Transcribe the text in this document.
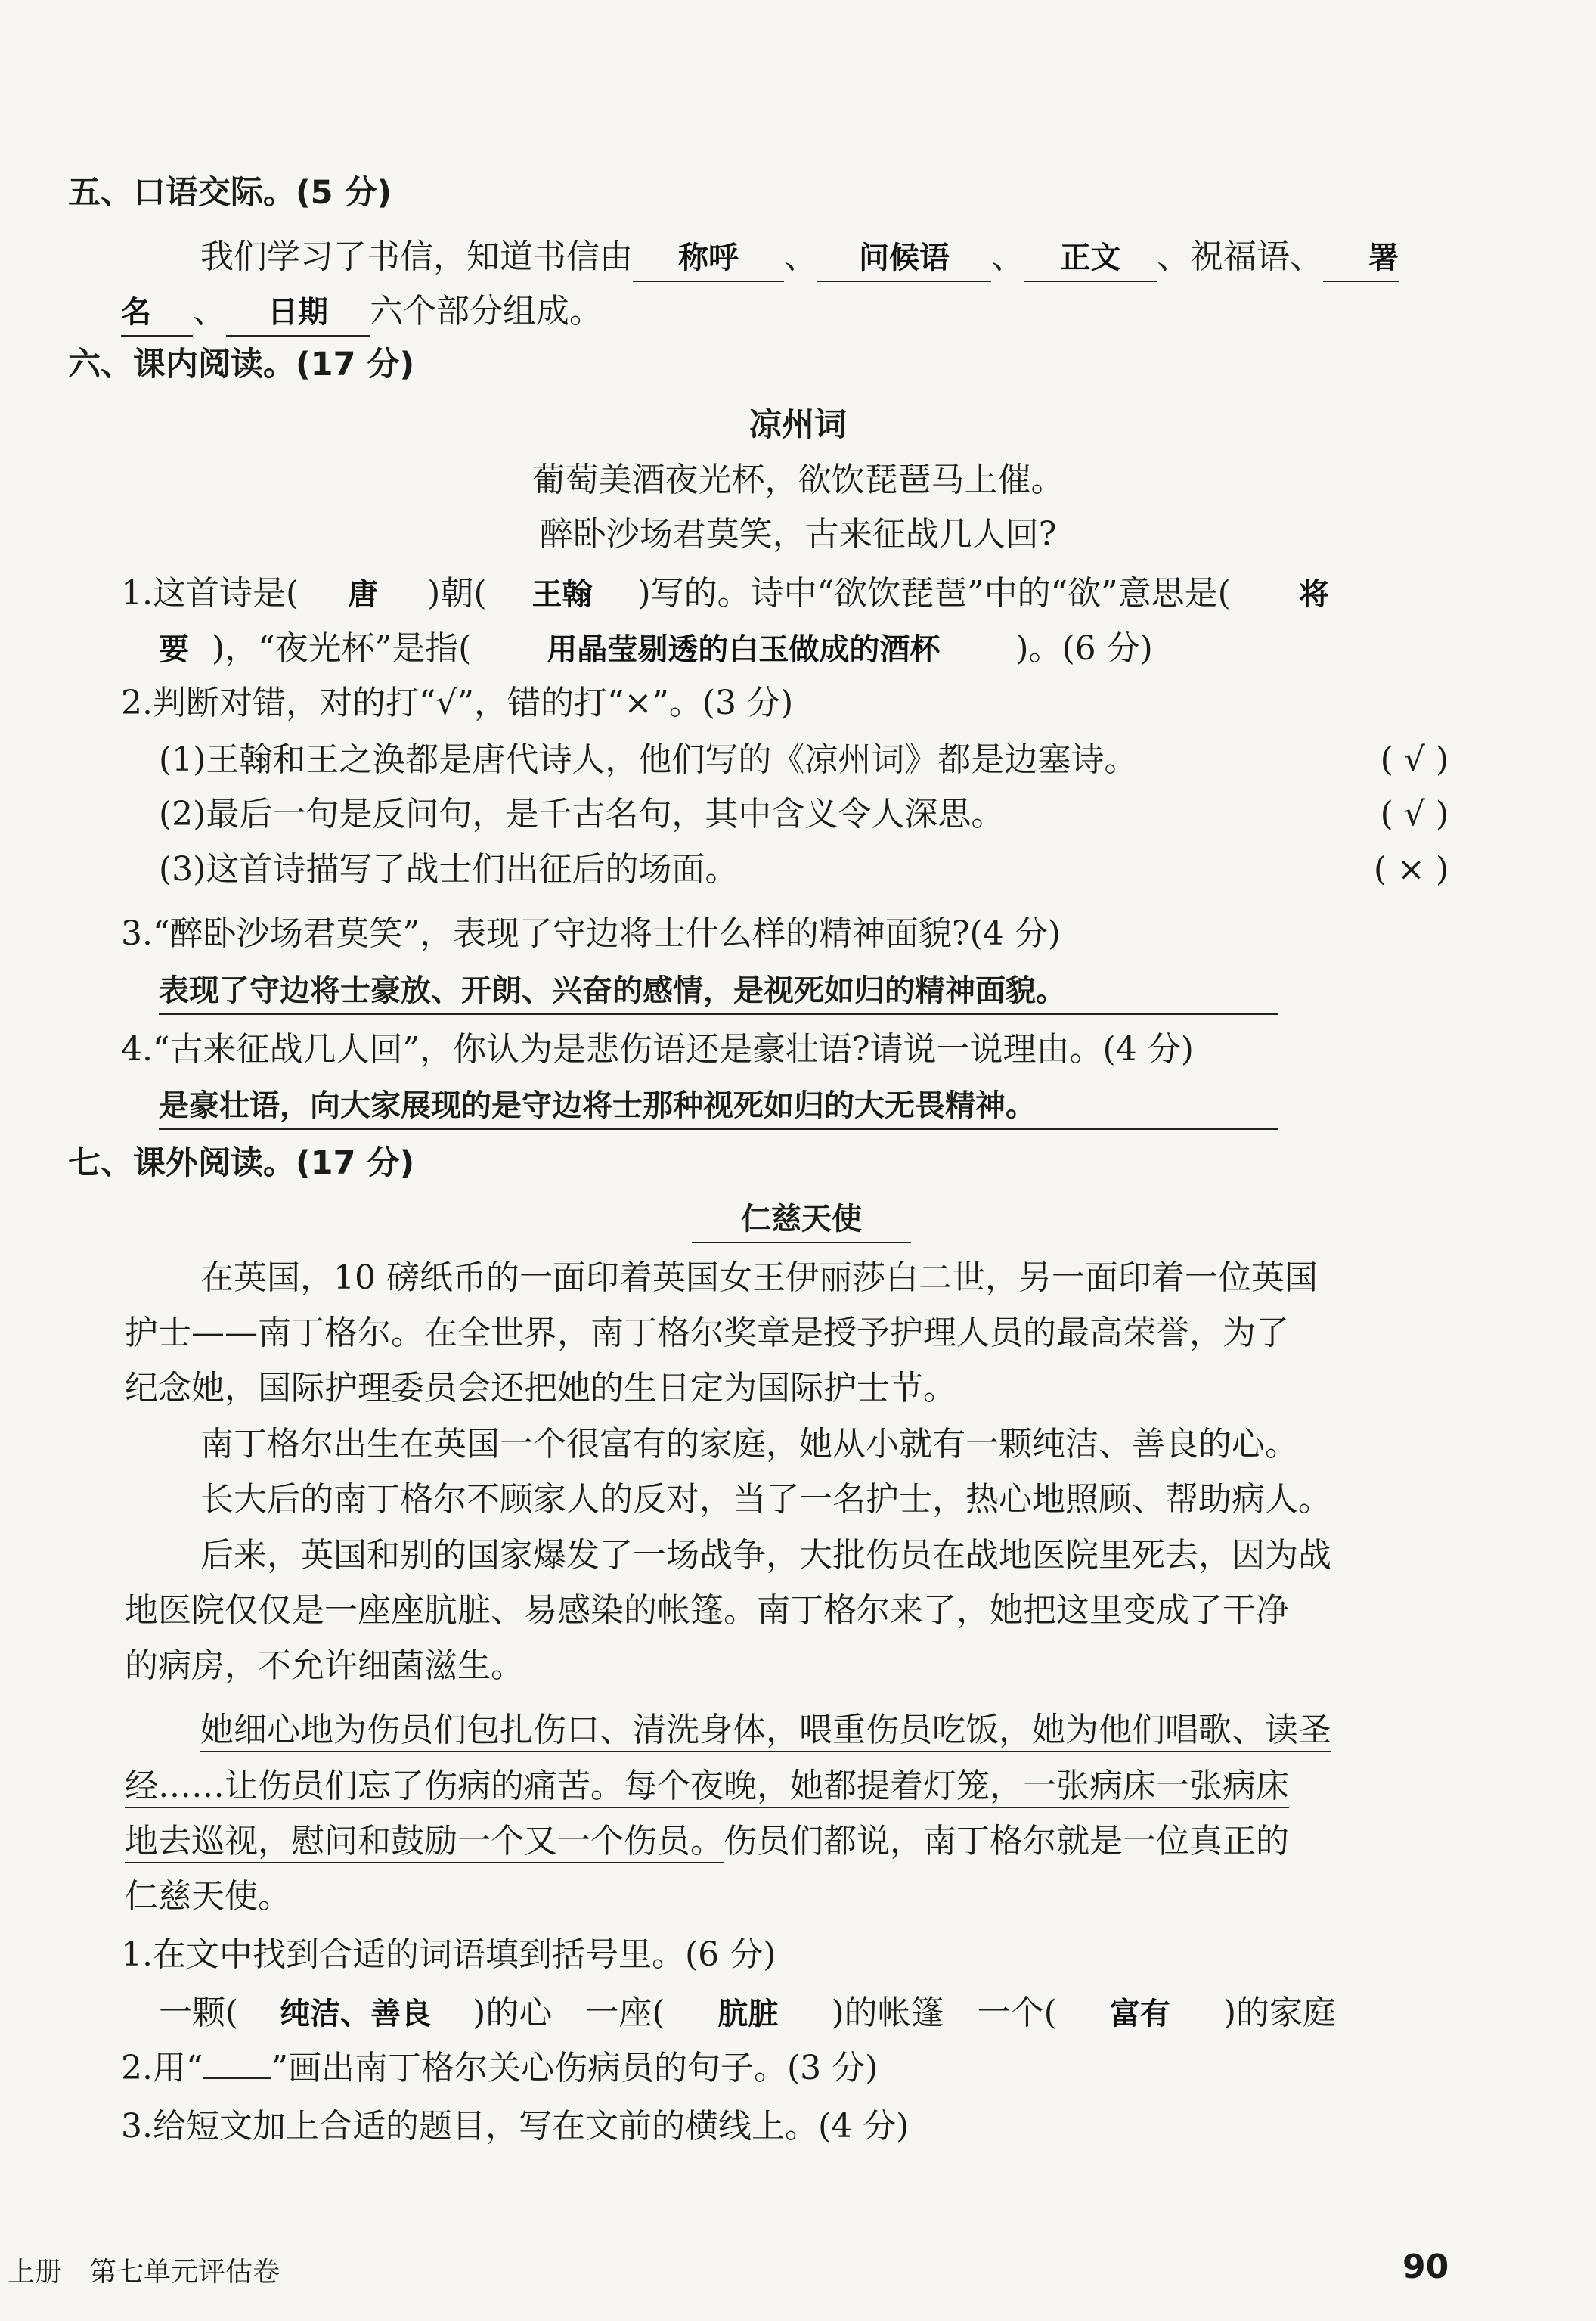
五、口语交际。(5 分)
我们学习了书信，知道书信由 称呼 、 问候语 、 正文 、祝福语、 署
名 、 日期 六个部分组成。
六、课内阅读。(17 分)
凉州词
葡萄美酒夜光杯，欲饮琵琶马上催。
醉卧沙场君莫笑，古来征战几人回?
1.这首诗是( 唐 )朝( 王翰 )写的。诗中“欲饮琵琶”中的“欲”意思是( 将
要 )，“夜光杯”是指(	用晶莹剔透的白玉做成的酒杯 )。(6 分)
2.判断对错，对的打“√”，错的打“×”。(3 分)
(1)王翰和王之涣都是唐代诗人，他们写的《凉州词》都是边塞诗。	( √ )
(2)最后一句是反问句，是千古名句，其中含义令人深思。	( √ )
(3)这首诗描写了战士们出征后的场面。	( × )
3.“醉卧沙场君莫笑”，表现了守边将士什么样的精神面貌?(4 分)
表现了守边将士豪放、开朗、兴奋的感情，是视死如归的精神面貌。
4.“古来征战几人回”，你认为是悲伤语还是豪壮语?请说一说理由。(4 分)
是豪壮语，向大家展现的是守边将士那种视死如归的大无畏精神。
七、课外阅读。(17 分)
仁慈天使
在英国，10 磅纸币的一面印着英国女王伊丽莎白二世，另一面印着一位英国
护士——南丁格尔。在全世界，南丁格尔奖章是授予护理人员的最高荣誉，为了
纪念她，国际护理委员会还把她的生日定为国际护士节。
南丁格尔出生在英国一个很富有的家庭，她从小就有一颗纯洁、善良的心。
长大后的南丁格尔不顾家人的反对，当了一名护士，热心地照顾、帮助病人。
后来，英国和别的国家爆发了一场战争，大批伤员在战地医院里死去，因为战
地医院仅仅是一座座肮脏、易感染的帐篷。南丁格尔来了，她把这里变成了干净
的病房，不允许细菌滋生。
她细心地为伤员们包扎伤口、清洗身体，喂重伤员吃饭，她为他们唱歌、读圣
经……让伤员们忘了伤病的痛苦。每个夜晚，她都提着灯笼，一张病床一张病床
地去巡视，慰问和鼓励一个又一个伤员。伤员们都说，南丁格尔就是一位真正的
仁慈天使。
1.在文中找到合适的词语填到括号里。(6 分)
一颗( 纯洁、善良 )的心　一座( 肮脏 )的帐篷　一个( 富有 )的家庭
2.用“ ”画出南丁格尔关心伤病员的句子。(3 分)
3.给短文加上合适的题目，写在文前的横线上。(4 分)
上册　第七单元评估卷	90
